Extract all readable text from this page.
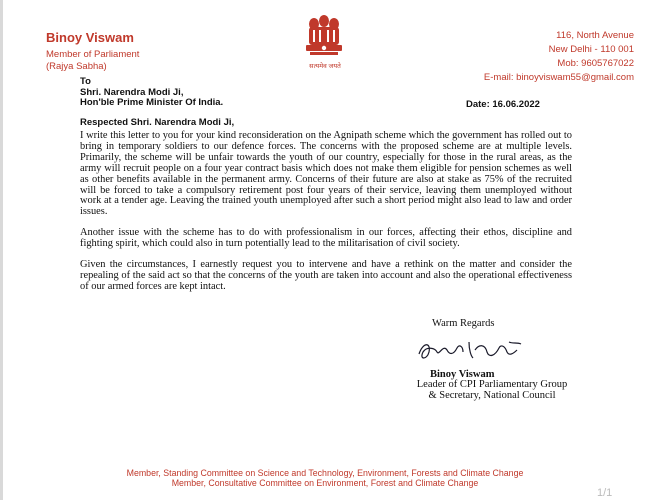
Binoy Viswam
Member of Parliament
(Rajya Sabha)	सत्यमेव जयते
116, North Avenue
New Delhi - 110 001
Mob: 9605767022
E-mail: binoyviswam55@gmail.com
To
Shri. Narendra Modi Ji,
Hon'ble Prime Minister Of India.	Date: 16.06.2022
Respected Shri. Narendra Modi Ji,

I write this letter to you for your kind reconsideration on the Agnipath scheme which the government has rolled out to bring in temporary soldiers to our defence forces. The concerns with the proposed scheme are at multiple levels. Primarily, the scheme will be unfair towards the youth of our country, especially for those in the rural areas, as the army will recruit people on a four year contract basis which does not make them eligible for pension schemes as well as other benefits available in the permanent army. Concerns of their future are also at stake as 75% of the recruited will be forced to take a compulsory retirement post four years of their service, leaving them unemployed without work at a tender age. Leaving the trained youth unemployed after such a short period might also lead to law and order issues.

Another issue with the scheme has to do with professionalism in our forces, affecting their ethos, discipline and fighting spirit, which could also in turn potentially lead to the militarisation of civil society.

Given the circumstances, I earnestly request you to intervene and have a rethink on the matter and consider the repealing of the said act so that the concerns of the youth are taken into account and also the operational effectiveness of our armed forces are kept intact.

Warm Regards
Binoy Viswam
Leader of CPI Parliamentary Group
& Secretary, National Council
Member, Standing Committee on Science and Technology, Environment, Forests and Climate Change
Member, Consultative Committee on Environment, Forest and Climate Change
1/1
